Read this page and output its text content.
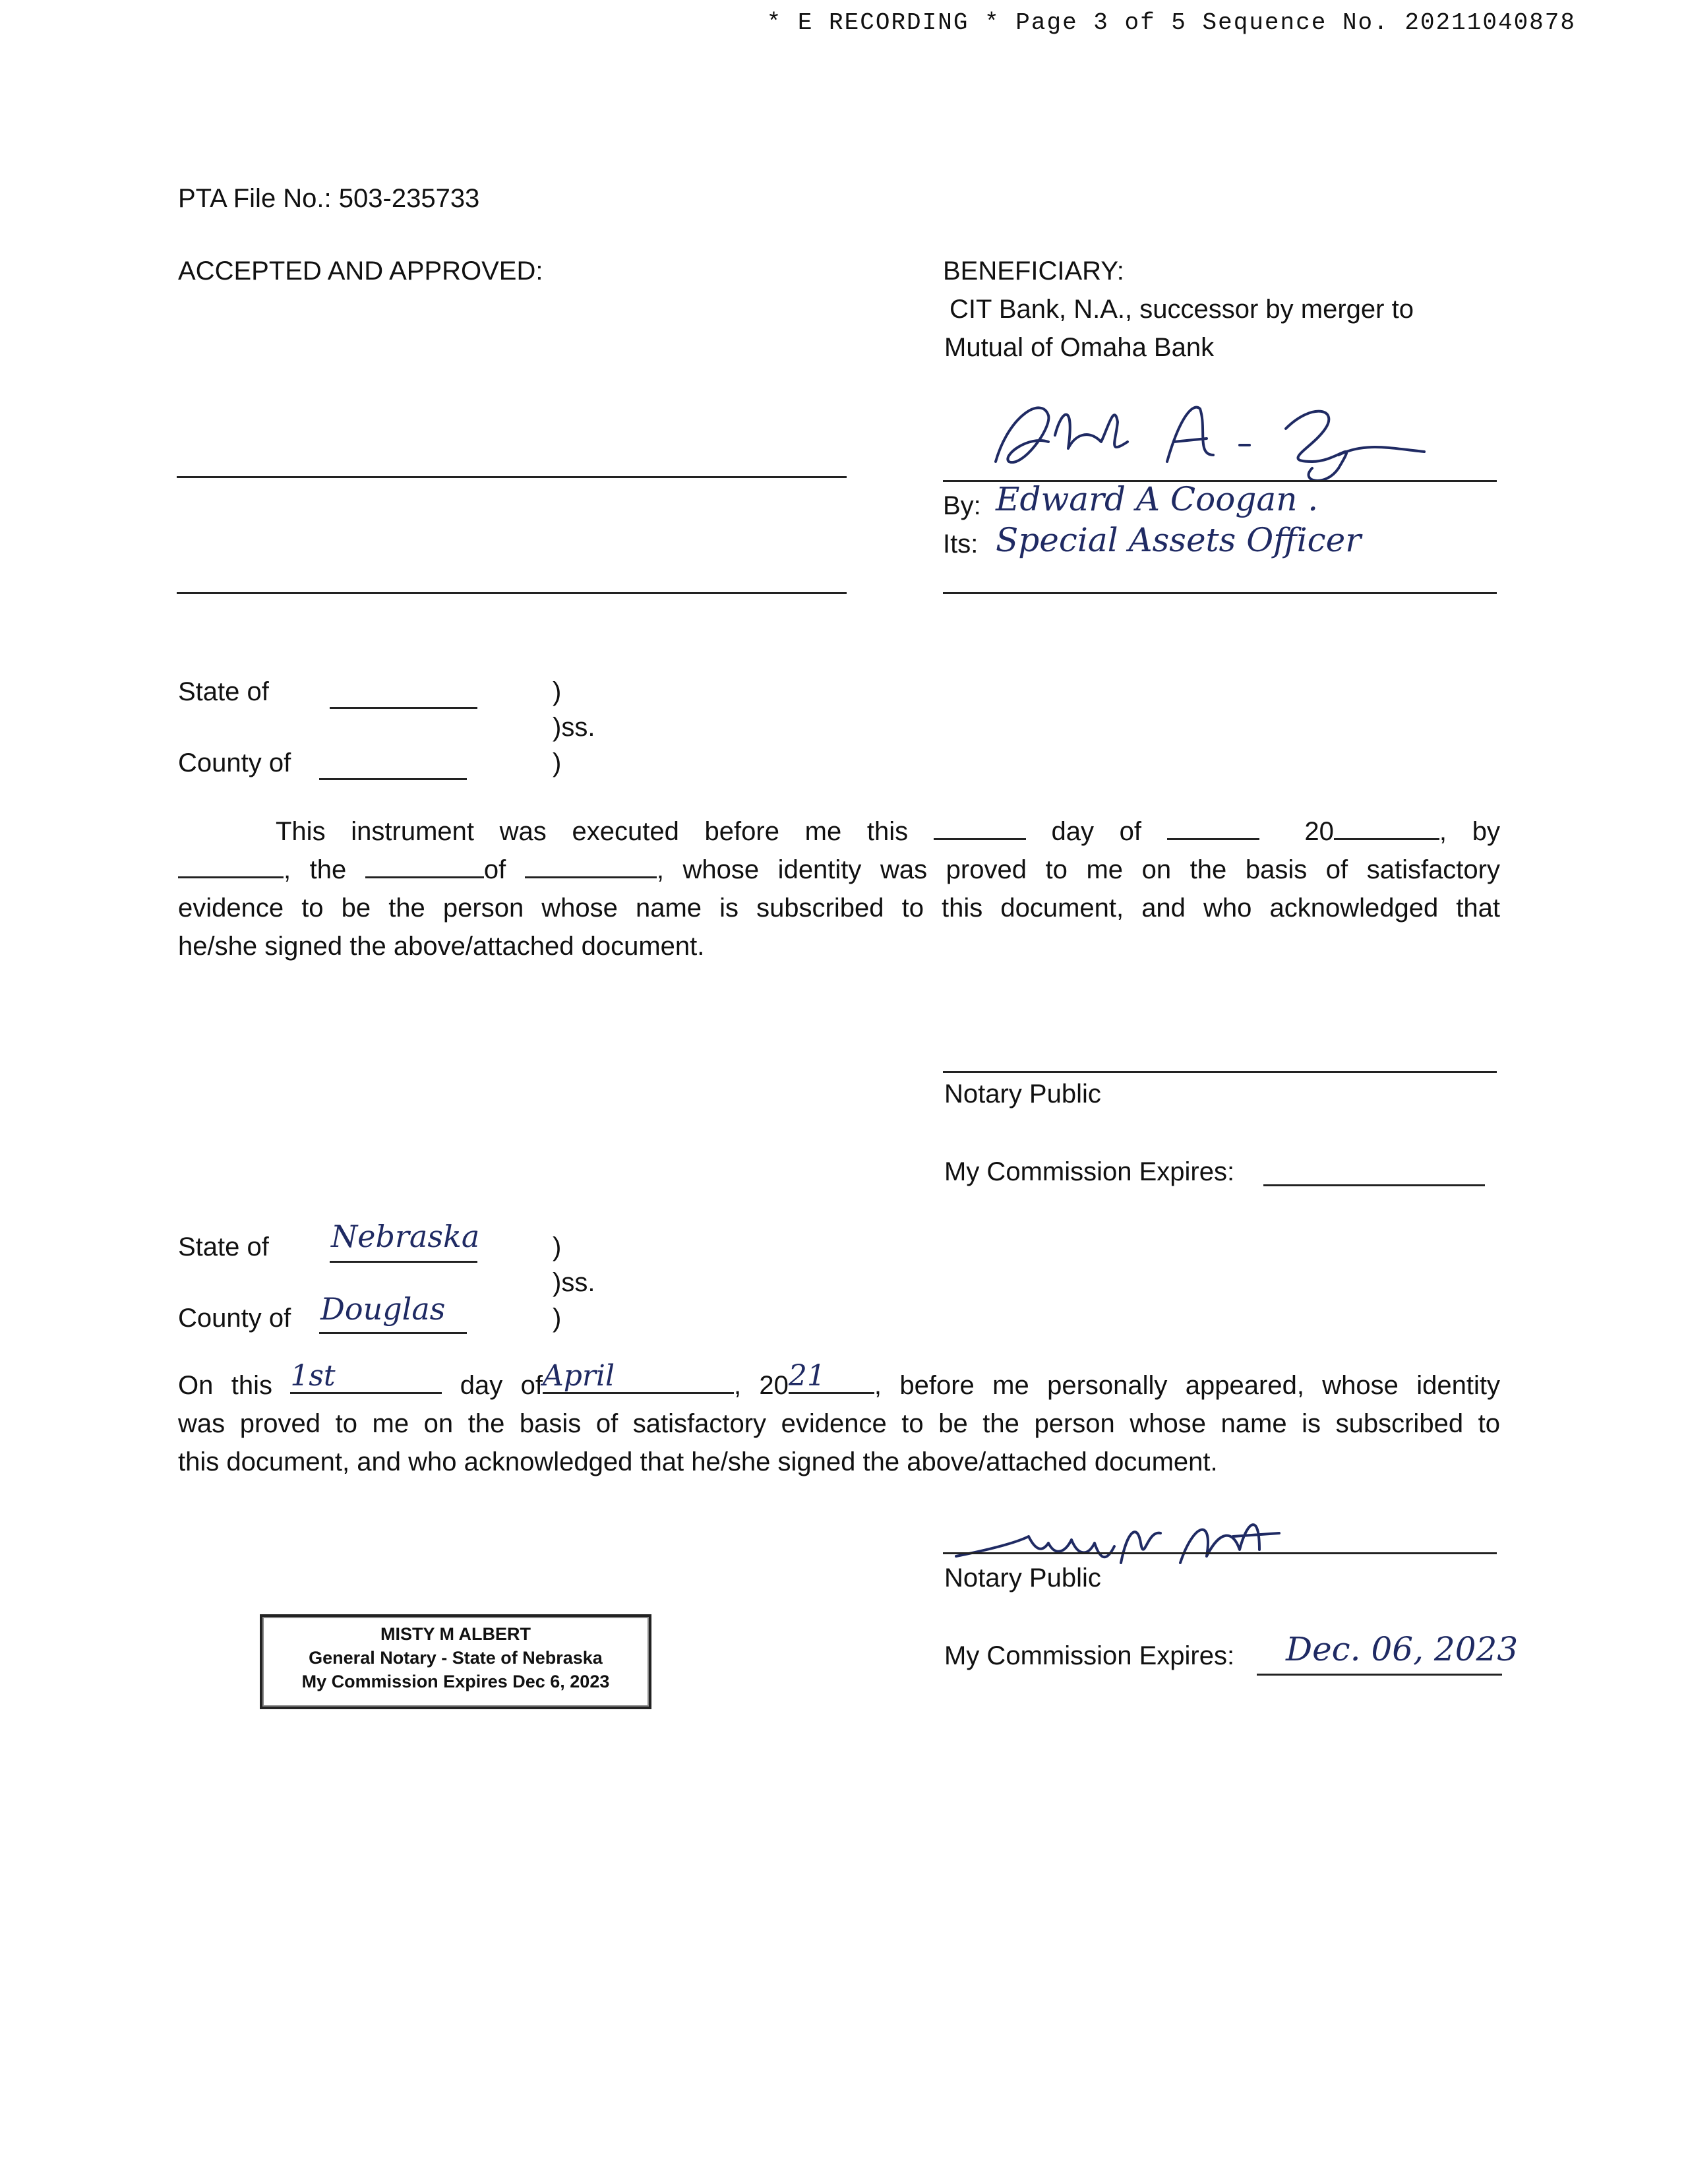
* E RECORDING * Page 3 of 5 Sequence No. 20211040878
PTA File No.: 503-235733
ACCEPTED AND APPROVED:	BENEFICIARY:
CIT Bank, N.A., successor by merger to
Mutual of Omaha Bank
By: Edward A Coogan .
Its: Special Assets Officer
State of	)
)ss.
County of	)

This instrument was executed before me this	day of	20	, by

, the	of	, whose identity was proved to me on the basis of satisfactory

evidence to be the person whose name is subscribed to this document, and who acknowledged that

he/she signed the above/attached document.

Notary Public
My Commission Expires:
State of Nebraska	)
)ss.
County of Douglas	)

On this 1st	day of April	, 20 21	, before me personally appeared, whose identity

was proved to me on the basis of satisfactory evidence to be the person whose name is subscribed to

this document, and who acknowledged that he/she signed the above/attached document.

Notary Public
MISTY M ALBERT
General Notary - State of Nebraska
My Commission Expires Dec 6, 2023
My Commission Expires: Dec. 06, 2023
